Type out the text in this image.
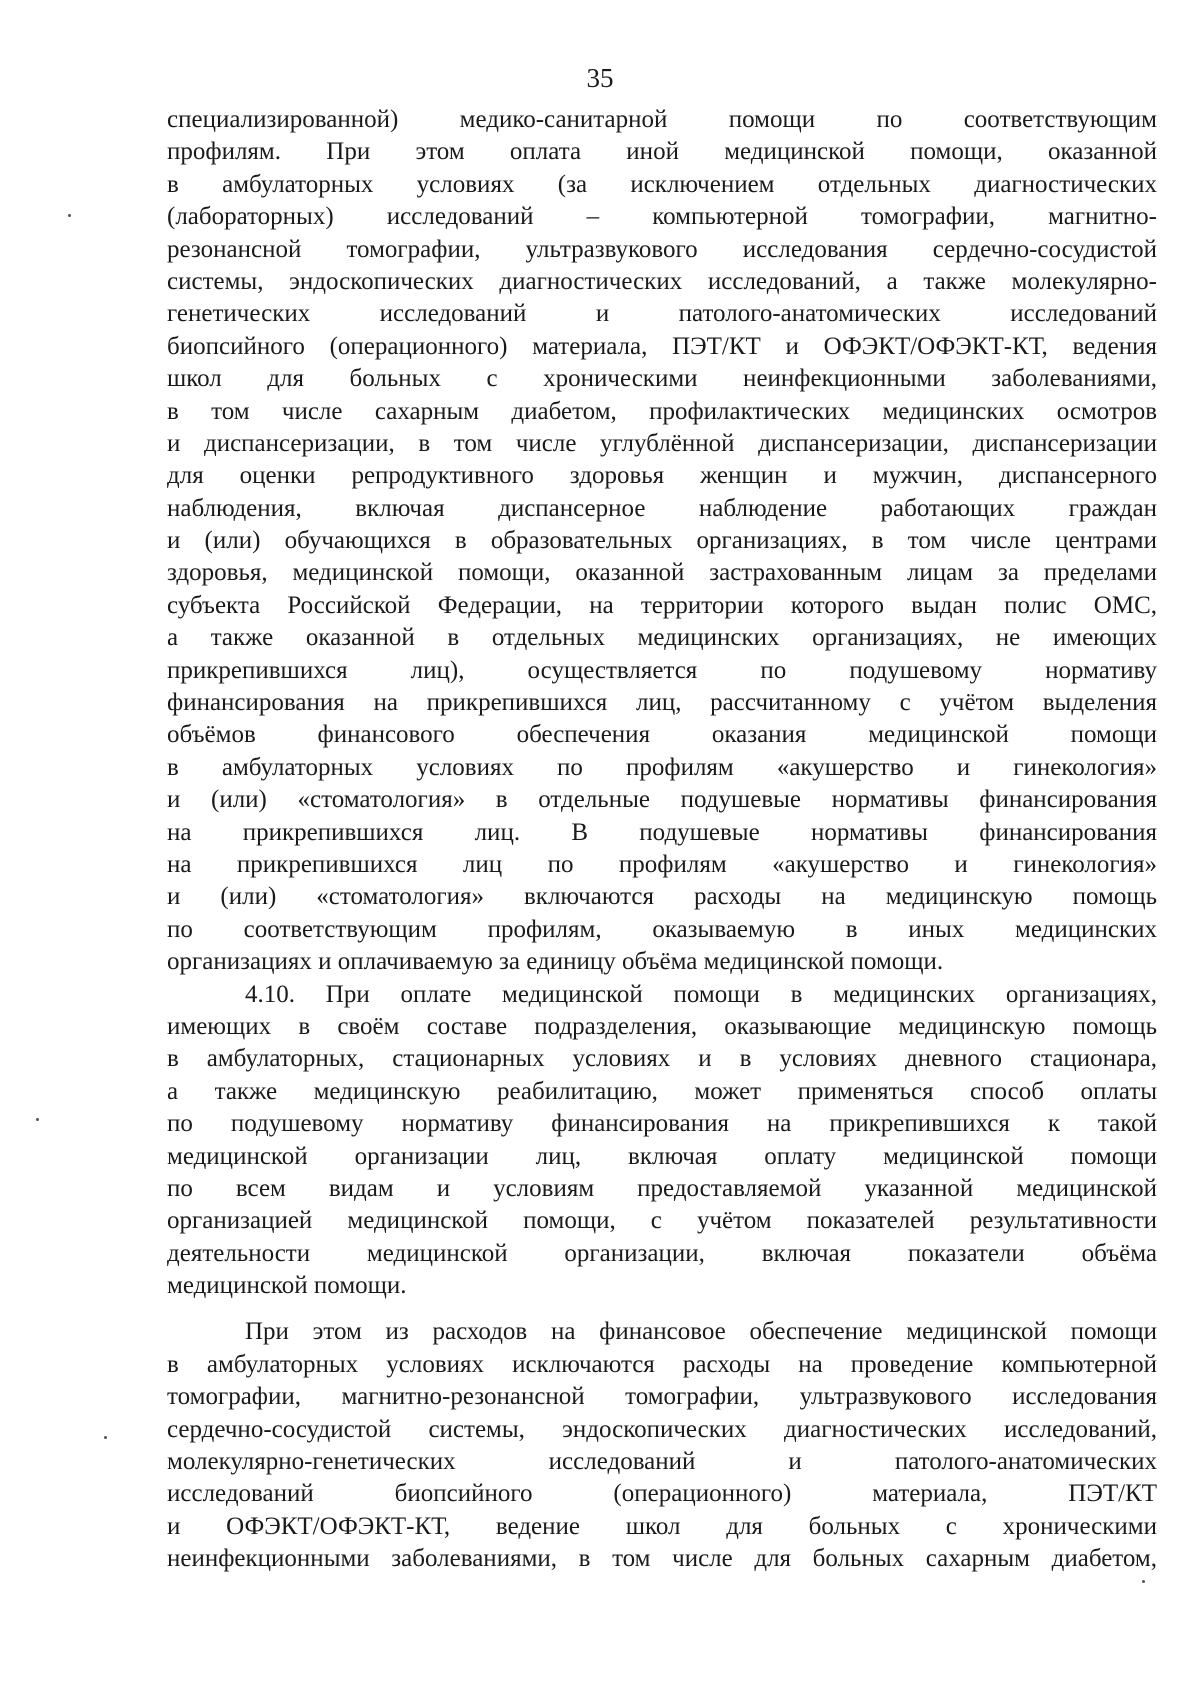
35
специализированной) медико-санитарной помощи по соответствующим
профилям. При этом оплата иной медицинской помощи, оказанной
в амбулаторных условиях (за исключением отдельных диагностических
(лабораторных) исследований – компьютерной томографии, магнитно-
резонансной томографии, ультразвукового исследования сердечно-сосудистой
системы, эндоскопических диагностических исследований, а также молекулярно-
генетических исследований и патолого-анатомических исследований
биопсийного (операционного) материала, ПЭТ/КТ и ОФЭКТ/ОФЭКТ-КТ, ведения
школ для больных с хроническими неинфекционными заболеваниями,
в том числе сахарным диабетом, профилактических медицинских осмотров
и диспансеризации, в том числе углублённой диспансеризации, диспансеризации
для оценки репродуктивного здоровья женщин и мужчин, диспансерного
наблюдения, включая диспансерное наблюдение работающих граждан
и (или) обучающихся в образовательных организациях, в том числе центрами
здоровья, медицинской помощи, оказанной застрахованным лицам за пределами
субъекта Российской Федерации, на территории которого выдан полис ОМС,
а также оказанной в отдельных медицинских организациях, не имеющих
прикрепившихся лиц), осуществляется по подушевому нормативу
финансирования на прикрепившихся лиц, рассчитанному с учётом выделения
объёмов финансового обеспечения оказания медицинской помощи
в амбулаторных условиях по профилям «акушерство и гинекология»
и (или) «стоматология» в отдельные подушевые нормативы финансирования
на прикрепившихся лиц. В подушевые нормативы финансирования
на прикрепившихся лиц по профилям «акушерство и гинекология»
и (или) «стоматология» включаются расходы на медицинскую помощь
по соответствующим профилям, оказываемую в иных медицинских
организациях и оплачиваемую за единицу объёма медицинской помощи.
4.10. При оплате медицинской помощи в медицинских организациях,
имеющих в своём составе подразделения, оказывающие медицинскую помощь
в амбулаторных, стационарных условиях и в условиях дневного стационара,
а также медицинскую реабилитацию, может применяться способ оплаты
по подушевому нормативу финансирования на прикрепившихся к такой
медицинской организации лиц, включая оплату медицинской помощи
по всем видам и условиям предоставляемой указанной медицинской
организацией медицинской помощи, с учётом показателей результативности
деятельности медицинской организации, включая показатели объёма
медицинской помощи.
При этом из расходов на финансовое обеспечение медицинской помощи
в амбулаторных условиях исключаются расходы на проведение компьютерной
томографии, магнитно-резонансной томографии, ультразвукового исследования
сердечно-сосудистой системы, эндоскопических диагностических исследований,
молекулярно-генетических исследований и патолого-анатомических
исследований биопсийного (операционного) материала, ПЭТ/КТ
и ОФЭКТ/ОФЭКТ-КТ, ведение школ для больных с хроническими
неинфекционными заболеваниями, в том числе для больных сахарным диабетом,
